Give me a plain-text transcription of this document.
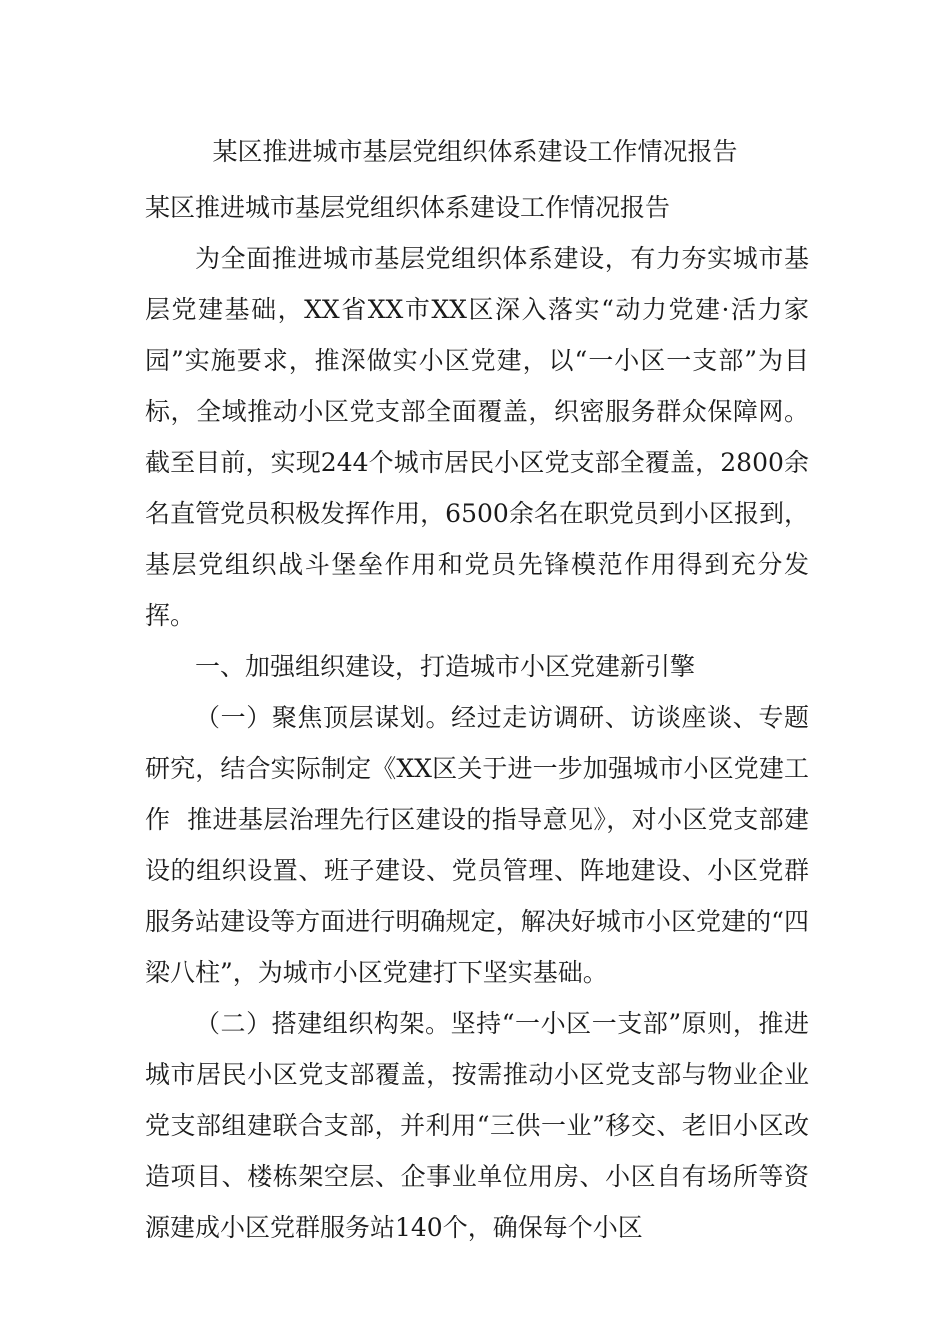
某区推进城市基层党组织体系建设工作情况报告

某区推进城市基层党组织体系建设工作情况报告

为全面推进城市基层党组织体系建设，有力夯实城市基层党建基础，XX省XX市XX区深入落实“动力党建·活力家园”实施要求，推深做实小区党建，以“一小区一支部”为目标，全域推动小区党支部全面覆盖，织密服务群众保障网。截至目前，实现244个城市居民小区党支部全覆盖，2800余名直管党员积极发挥作用，6500余名在职党员到小区报到，基层党组织战斗堡垒作用和党员先锋模范作用得到充分发挥。

一、加强组织建设，打造城市小区党建新引擎

（一）聚焦顶层谋划。经过走访调研、访谈座谈、专题研究，结合实际制定《XX区关于进一步加强城市小区党建工作  推进基层治理先行区建设的指导意见》，对小区党支部建设的组织设置、班子建设、党员管理、阵地建设、小区党群服务站建设等方面进行明确规定，解决好城市小区党建的“四梁八柱”，为城市小区党建打下坚实基础。

（二）搭建组织构架。坚持“一小区一支部”原则，推进城市居民小区党支部覆盖，按需推动小区党支部与物业企业党支部组建联合支部，并利用“三供一业”移交、老旧小区改造项目、楼栋架空层、企事业单位用房、小区自有场所等资源建成小区党群服务站140个，确保每个小区
